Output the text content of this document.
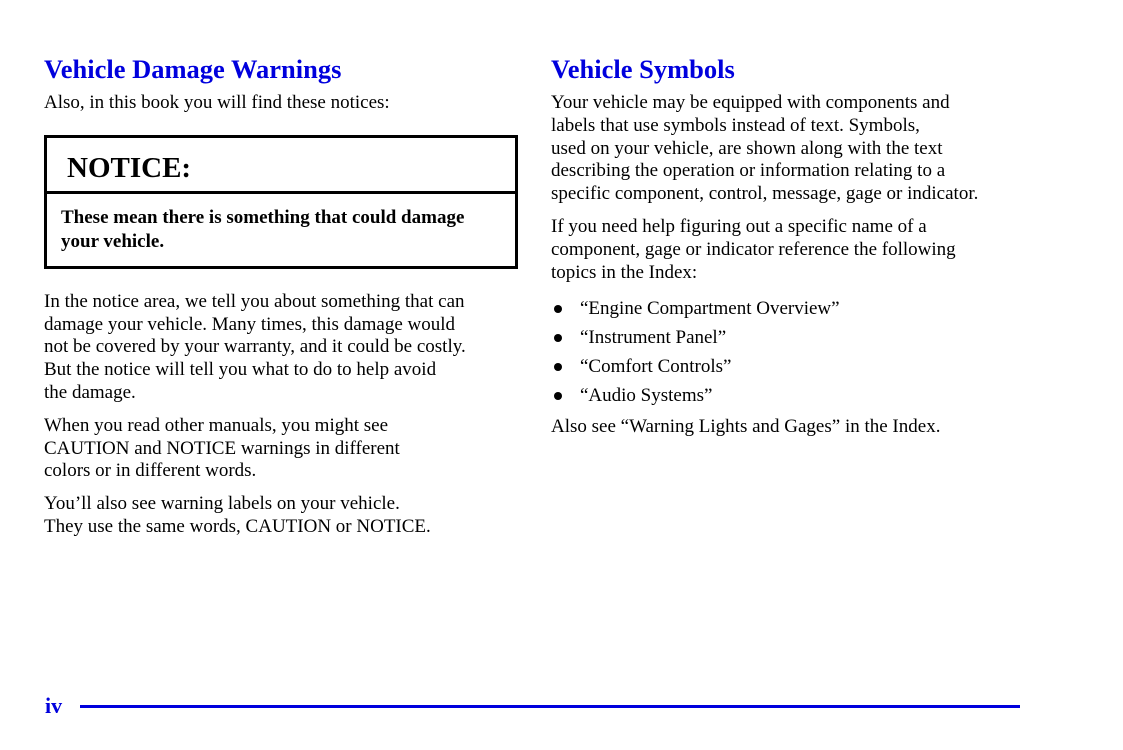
Vehicle Damage Warnings
Also, in this book you will find these notices:
NOTICE:
These mean there is something that could damage
your vehicle.
In the notice area, we tell you about something that can
damage your vehicle. Many times, this damage would
not be covered by your warranty, and it could be costly.
But the notice will tell you what to do to help avoid
the damage.
When you read other manuals, you might see
CAUTION and NOTICE warnings in different
colors or in different words.
You’ll also see warning labels on your vehicle.
They use the same words, CAUTION or NOTICE.
Vehicle Symbols
Your vehicle may be equipped with components and
labels that use symbols instead of text. Symbols,
used on your vehicle, are shown along with the text
describing the operation or information relating to a
specific component, control, message, gage or indicator.
If you need help figuring out a specific name of a
component, gage or indicator reference the following
topics in the Index:
“Engine Compartment Overview”
“Instrument Panel”
“Comfort Controls”
“Audio Systems”
Also see “Warning Lights and Gages” in the Index.
iv
